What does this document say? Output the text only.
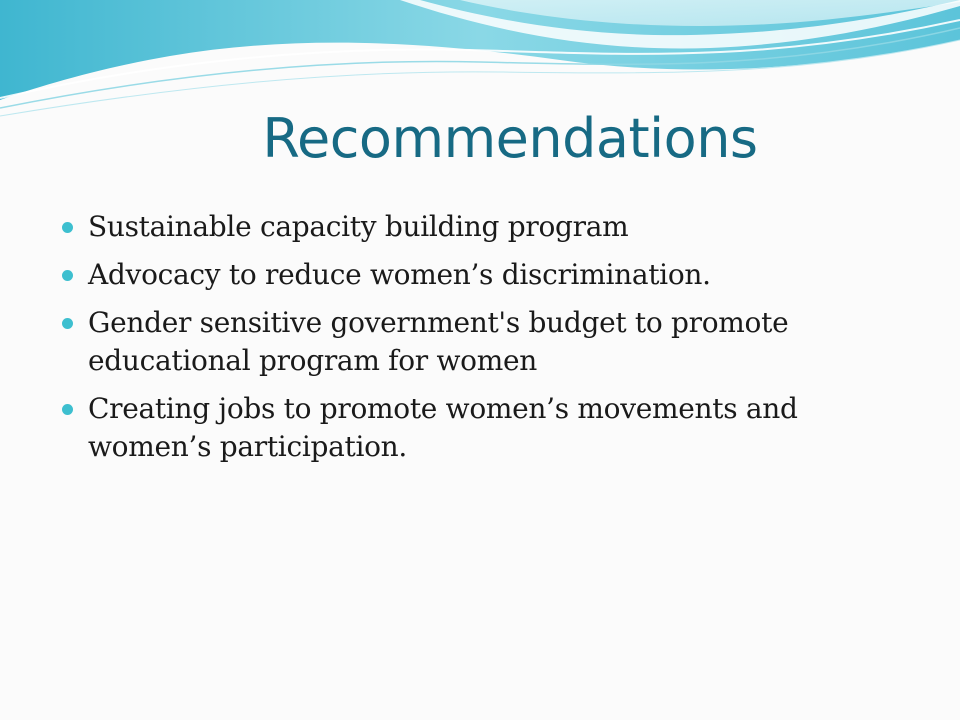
Recommendations
Sustainable capacity building program
Advocacy to reduce women’s discrimination.
Gender sensitive government's budget to promote educational program for women
Creating jobs to promote women’s movements and women’s participation.
